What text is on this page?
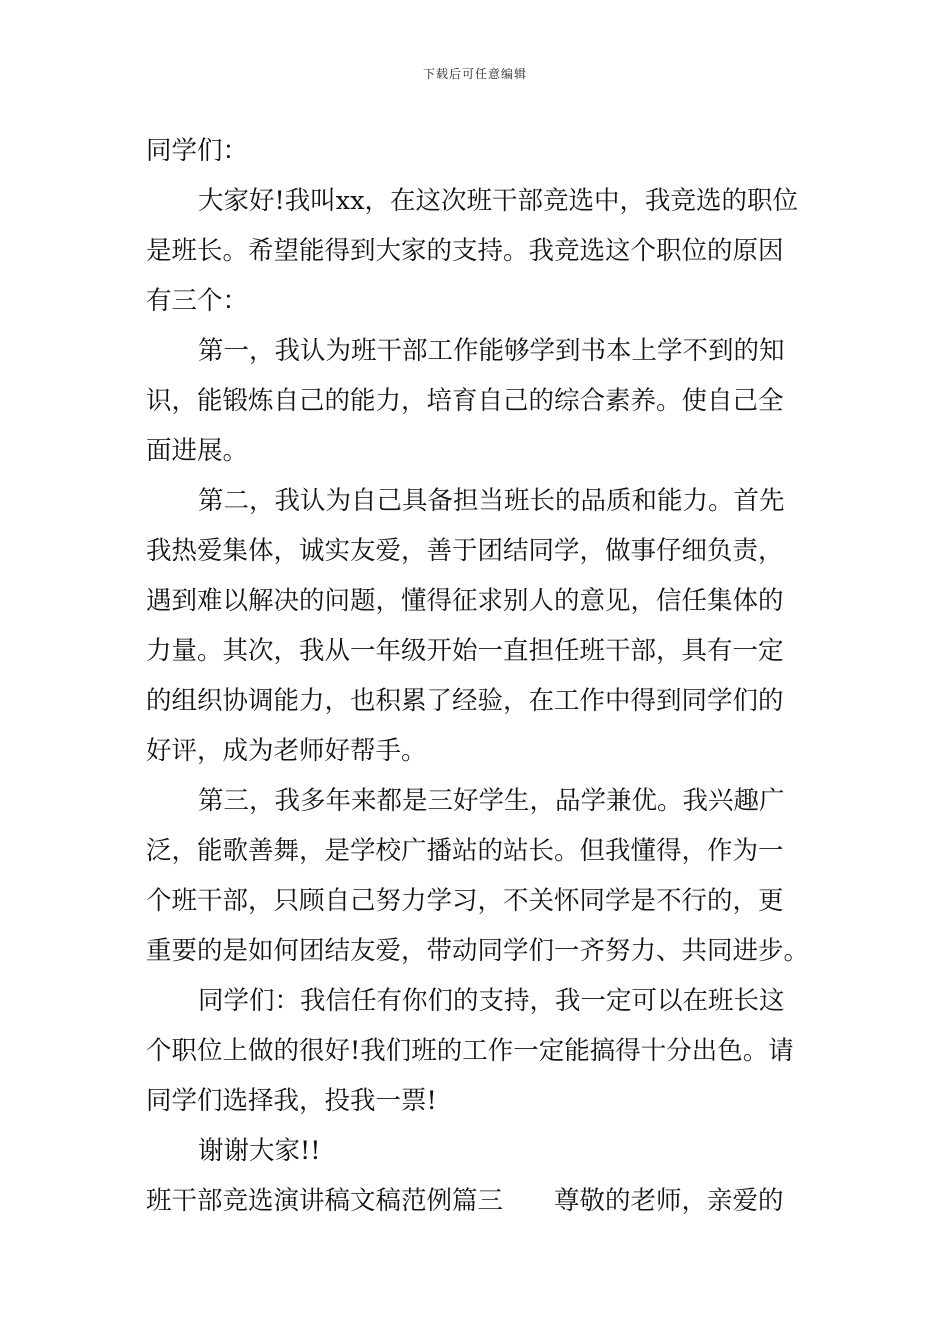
下载后可任意编辑
同学们：
大家好!我叫xx，在这次班干部竞选中，我竞选的职位
是班长。希望能得到大家的支持。我竞选这个职位的原因
有三个：
第一，我认为班干部工作能够学到书本上学不到的知
识，能锻炼自己的能力，培育自己的综合素养。使自己全
面进展。
第二，我认为自己具备担当班长的品质和能力。首先
我热爱集体，诚实友爱，善于团结同学，做事仔细负责，
遇到难以解决的问题，懂得征求别人的意见，信任集体的
力量。其次，我从一年级开始一直担任班干部，具有一定
的组织协调能力，也积累了经验，在工作中得到同学们的
好评，成为老师好帮手。
第三，我多年来都是三好学生，品学兼优。我兴趣广
泛，能歌善舞，是学校广播站的站长。但我懂得，作为一
个班干部，只顾自己努力学习，不关怀同学是不行的，更
重要的是如何团结友爱，带动同学们一齐努力、共同进步。
同学们：我信任有你们的支持，我一定可以在班长这
个职位上做的很好!我们班的工作一定能搞得十分出色。请
同学们选择我，投我一票!
谢谢大家!!
班干部竞选演讲稿文稿范例篇三　　尊敬的老师，亲爱的
